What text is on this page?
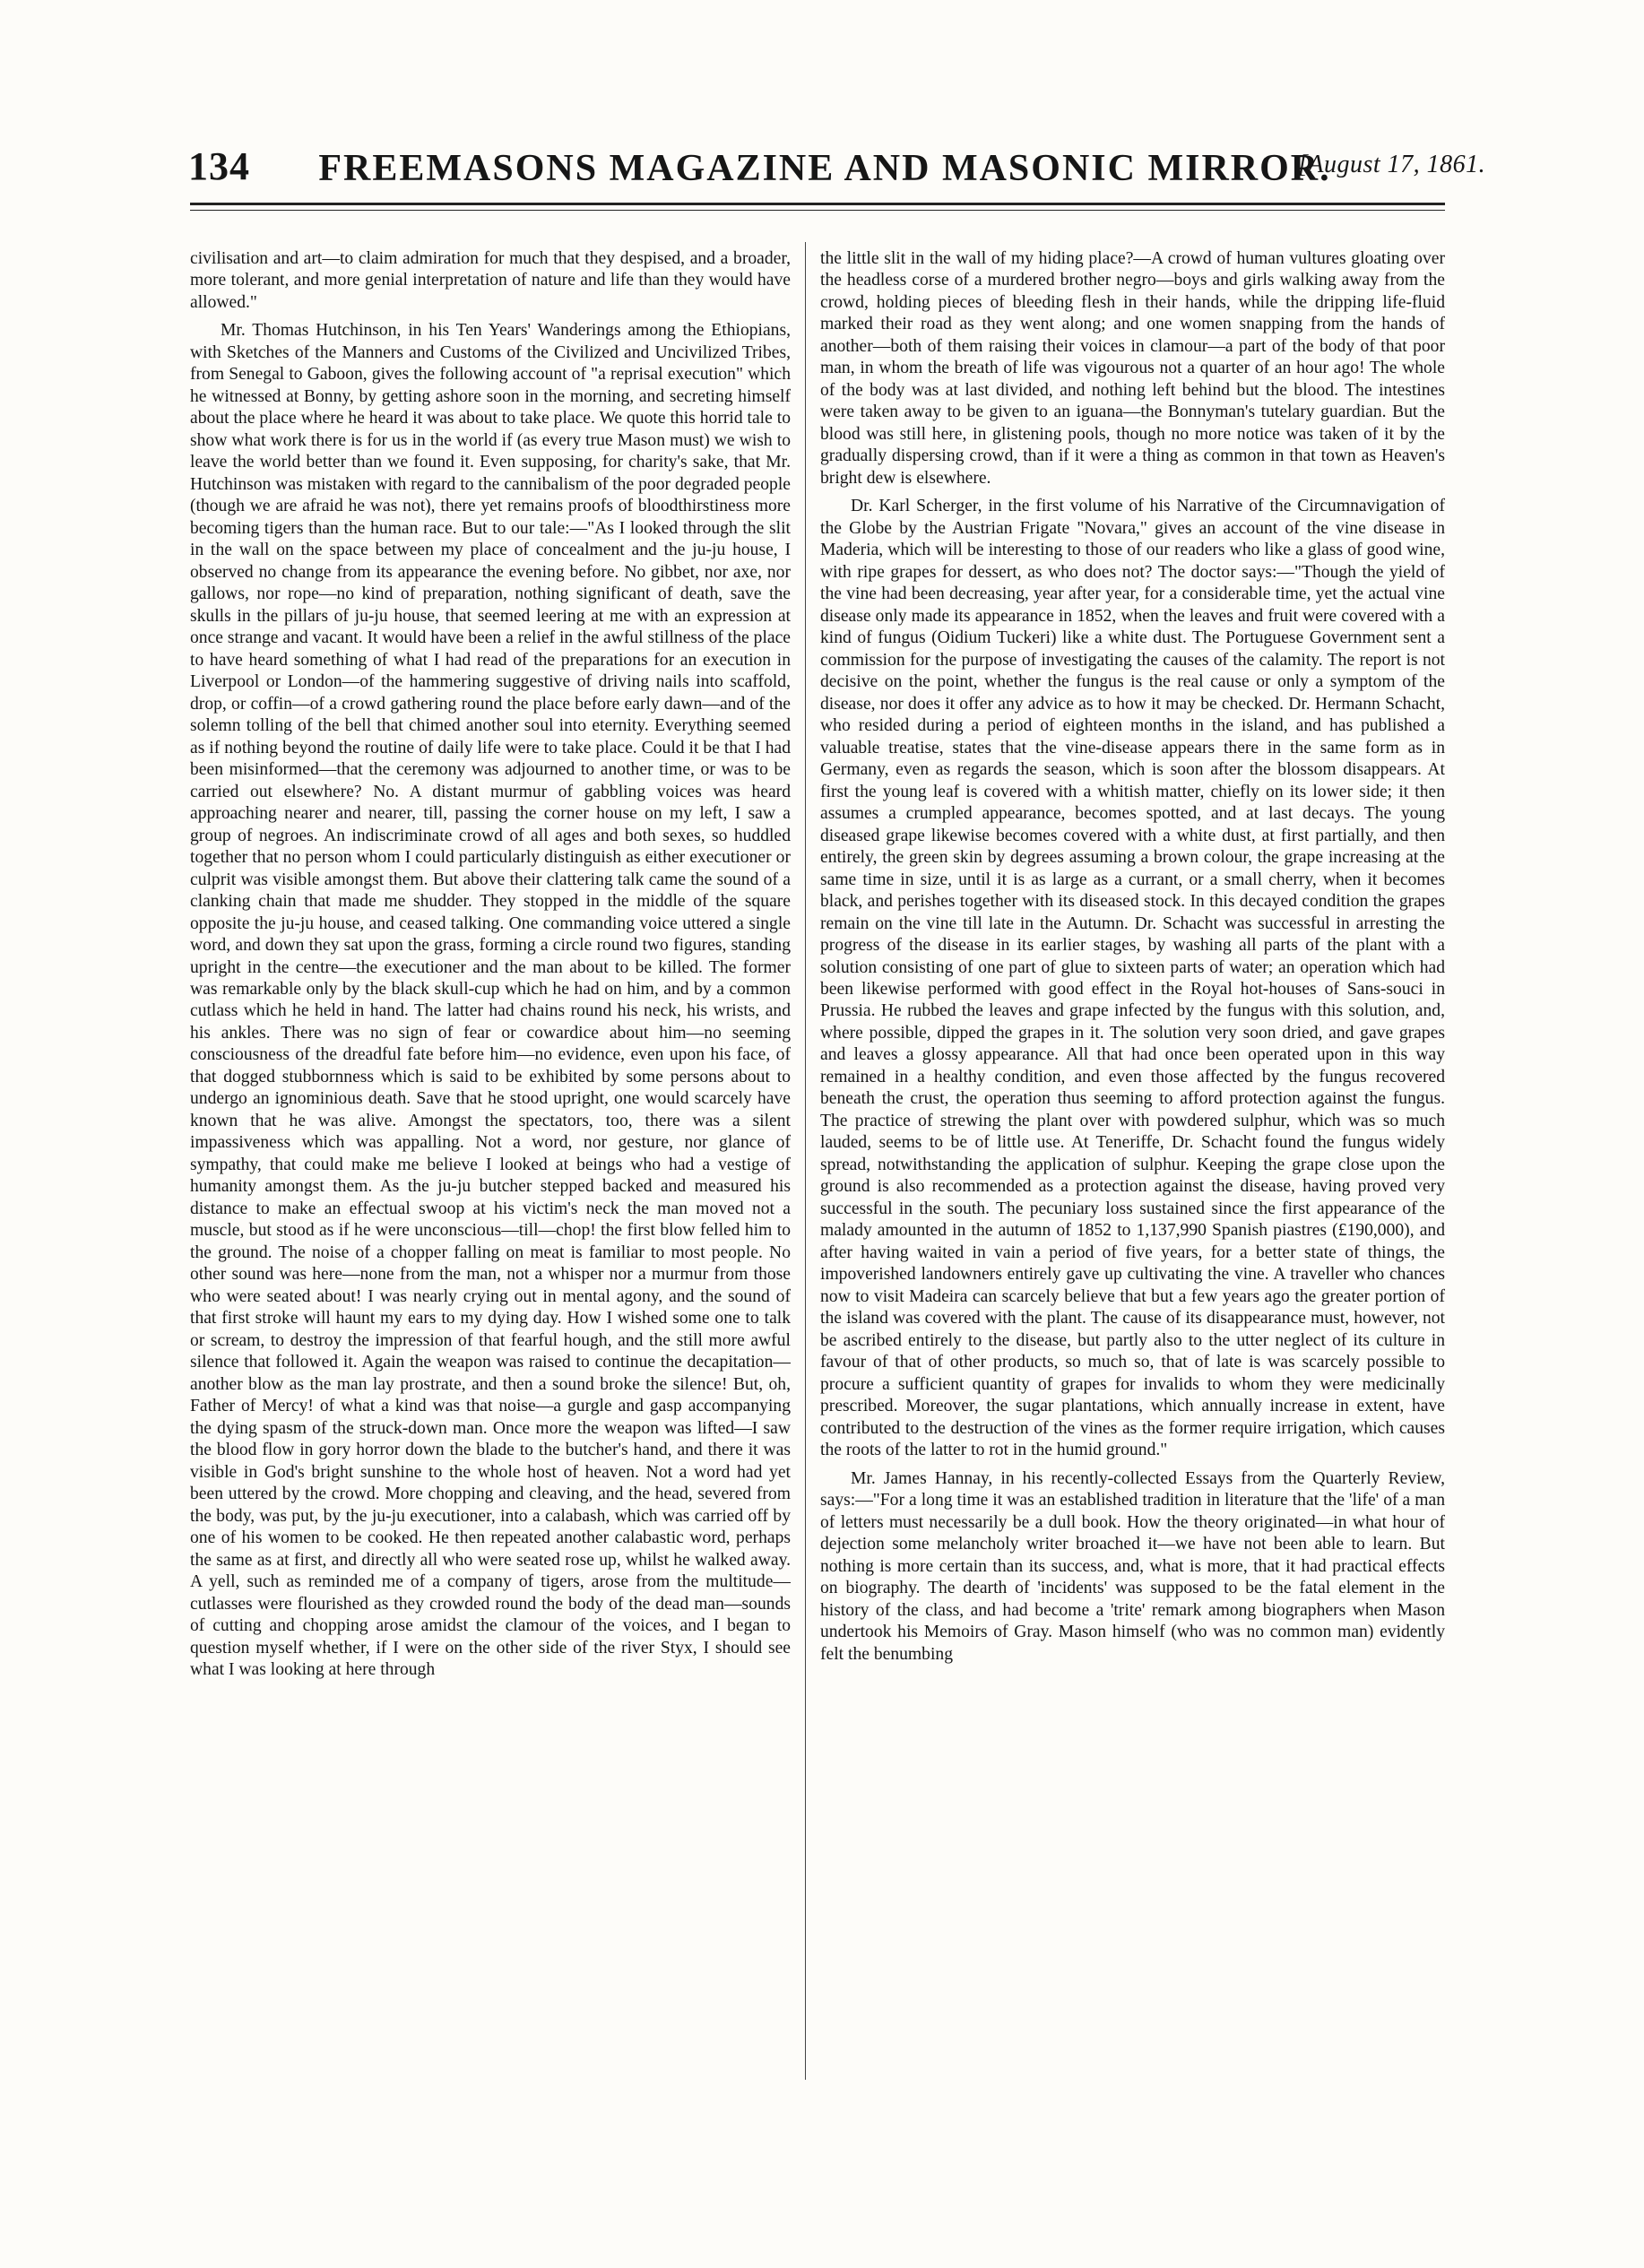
134	FREEMASONS MAGAZINE AND MASONIC MIRROR.
[August 17, 1861.

civilisation and art—to claim admiration for much that they despised, and a broader, more tolerant, and more genial interpretation of nature and life than they would have allowed."

Mr. Thomas Hutchinson, in his Ten Years' Wanderings among the Ethiopians, with Sketches of the Manners and Customs of the Civilized and Uncivilized Tribes, from Senegal to Gaboon, gives the following account of "a reprisal execution" which he witnessed at Bonny, by getting ashore soon in the morning, and secreting himself about the place where he heard it was about to take place. We quote this horrid tale to show what work there is for us in the world if (as every true Mason must) we wish to leave the world better than we found it. Even supposing, for charity's sake, that Mr. Hutchinson was mistaken with regard to the cannibalism of the poor degraded people (though we are afraid he was not), there yet remains proofs of bloodthirstiness more becoming tigers than the human race. But to our tale:—"As I looked through the slit in the wall on the space between my place of concealment and the ju-ju house, I observed no change from its appearance the evening before. No gibbet, nor axe, nor gallows, nor rope—no kind of preparation, nothing significant of death, save the skulls in the pillars of ju-ju house, that seemed leering at me with an expression at once strange and vacant. It would have been a relief in the awful stillness of the place to have heard something of what I had read of the preparations for an execution in Liverpool or London—of the hammering suggestive of driving nails into scaffold, drop, or coffin—of a crowd gathering round the place before early dawn—and of the solemn tolling of the bell that chimed another soul into eternity. Everything seemed as if nothing beyond the routine of daily life were to take place. Could it be that I had been misinformed—that the ceremony was adjourned to another time, or was to be carried out elsewhere? No. A distant murmur of gabbling voices was heard approaching nearer and nearer, till, passing the corner house on my left, I saw a group of negroes. An indiscriminate crowd of all ages and both sexes, so huddled together that no person whom I could particularly distinguish as either executioner or culprit was visible amongst them. But above their clattering talk came the sound of a clanking chain that made me shudder. They stopped in the middle of the square opposite the ju-ju house, and ceased talking. One commanding voice uttered a single word, and down they sat upon the grass, forming a circle round two figures, standing upright in the centre—the executioner and the man about to be killed. The former was remarkable only by the black skull-cup which he had on him, and by a common cutlass which he held in hand. The latter had chains round his neck, his wrists, and his ankles. There was no sign of fear or cowardice about him—no seeming consciousness of the dreadful fate before him—no evidence, even upon his face, of that dogged stubbornness which is said to be exhibited by some persons about to undergo an ignominious death. Save that he stood upright, one would scarcely have known that he was alive. Amongst the spectators, too, there was a silent impassiveness which was appalling. Not a word, nor gesture, nor glance of sympathy, that could make me believe I looked at beings who had a vestige of humanity amongst them. As the ju-ju butcher stepped backed and measured his distance to make an effectual swoop at his victim's neck the man moved not a muscle, but stood as if he were unconscious—till—chop! the first blow felled him to the ground. The noise of a chopper falling on meat is familiar to most people. No other sound was here—none from the man, not a whisper nor a murmur from those who were seated about! I was nearly crying out in mental agony, and the sound of that first stroke will haunt my ears to my dying day. How I wished some one to talk or scream, to destroy the impression of that fearful hough, and the still more awful silence that followed it. Again the weapon was raised to continue the decapitation—another blow as the man lay prostrate, and then a sound broke the silence! But, oh, Father of Mercy! of what a kind was that noise—a gurgle and gasp accompanying the dying spasm of the struck-down man. Once more the weapon was lifted—I saw the blood flow in gory horror down the blade to the butcher's hand, and there it was visible in God's bright sunshine to the whole host of heaven. Not a word had yet been uttered by the crowd. More chopping and cleaving, and the head, severed from the body, was put, by the ju-ju executioner, into a calabash, which was carried off by one of his women to be cooked. He then repeated another calabastic word, perhaps the same as at first, and directly all who were seated rose up, whilst he walked away. A yell, such as reminded me of a company of tigers, arose from the multitude—cutlasses were flourished as they crowded round the body of the dead man—sounds of cutting and chopping arose amidst the clamour of the voices, and I began to question myself whether, if I were on the other side of the river Styx, I should see what I was looking at here through

the little slit in the wall of my hiding place?—A crowd of human vultures gloating over the headless corse of a murdered brother negro—boys and girls walking away from the crowd, holding pieces of bleeding flesh in their hands, while the dripping life-fluid marked their road as they went along; and one women snapping from the hands of another—both of them raising their voices in clamour—a part of the body of that poor man, in whom the breath of life was vigourous not a quarter of an hour ago! The whole of the body was at last divided, and nothing left behind but the blood. The intestines were taken away to be given to an iguana—the Bonnyman's tutelary guardian. But the blood was still here, in glistening pools, though no more notice was taken of it by the gradually dispersing crowd, than if it were a thing as common in that town as Heaven's bright dew is elsewhere.

Dr. Karl Scherger, in the first volume of his Narrative of the Circumnavigation of the Globe by the Austrian Frigate "Novara," gives an account of the vine disease in Maderia, which will be interesting to those of our readers who like a glass of good wine, with ripe grapes for dessert, as who does not? The doctor says:—"Though the yield of the vine had been decreasing, year after year, for a considerable time, yet the actual vine disease only made its appearance in 1852, when the leaves and fruit were covered with a kind of fungus (Oidium Tuckeri) like a white dust. The Portuguese Government sent a commission for the purpose of investigating the causes of the calamity. The report is not decisive on the point, whether the fungus is the real cause or only a symptom of the disease, nor does it offer any advice as to how it may be checked. Dr. Hermann Schacht, who resided during a period of eighteen months in the island, and has published a valuable treatise, states that the vine-disease appears there in the same form as in Germany, even as regards the season, which is soon after the blossom disappears. At first the young leaf is covered with a whitish matter, chiefly on its lower side; it then assumes a crumpled appearance, becomes spotted, and at last decays. The young diseased grape likewise becomes covered with a white dust, at first partially, and then entirely, the green skin by degrees assuming a brown colour, the grape increasing at the same time in size, until it is as large as a currant, or a small cherry, when it becomes black, and perishes together with its diseased stock. In this decayed condition the grapes remain on the vine till late in the Autumn. Dr. Schacht was successful in arresting the progress of the disease in its earlier stages, by washing all parts of the plant with a solution consisting of one part of glue to sixteen parts of water; an operation which had been likewise performed with good effect in the Royal hot-houses of Sans-souci in Prussia. He rubbed the leaves and grape infected by the fungus with this solution, and, where possible, dipped the grapes in it. The solution very soon dried, and gave grapes and leaves a glossy appearance. All that had once been operated upon in this way remained in a healthy condition, and even those affected by the fungus recovered beneath the crust, the operation thus seeming to afford protection against the fungus. The practice of strewing the plant over with powdered sulphur, which was so much lauded, seems to be of little use. At Teneriffe, Dr. Schacht found the fungus widely spread, notwithstanding the application of sulphur. Keeping the grape close upon the ground is also recommended as a protection against the disease, having proved very successful in the south. The pecuniary loss sustained since the first appearance of the malady amounted in the autumn of 1852 to 1,137,990 Spanish piastres (£190,000), and after having waited in vain a period of five years, for a better state of things, the impoverished landowners entirely gave up cultivating the vine. A traveller who chances now to visit Madeira can scarcely believe that but a few years ago the greater portion of the island was covered with the plant. The cause of its disappearance must, however, not be ascribed entirely to the disease, but partly also to the utter neglect of its culture in favour of that of other products, so much so, that of late is was scarcely possible to procure a sufficient quantity of grapes for invalids to whom they were medicinally prescribed. Moreover, the sugar plantations, which annually increase in extent, have contributed to the destruction of the vines as the former require irrigation, which causes the roots of the latter to rot in the humid ground."

Mr. James Hannay, in his recently-collected Essays from the Quarterly Review, says:—"For a long time it was an established tradition in literature that the 'life' of a man of letters must necessarily be a dull book. How the theory originated—in what hour of dejection some melancholy writer broached it—we have not been able to learn. But nothing is more certain than its success, and, what is more, that it had practical effects on biography. The dearth of 'incidents' was supposed to be the fatal element in the history of the class, and had become a 'trite' remark among biographers when Mason undertook his Memoirs of Gray. Mason himself (who was no common man) evidently felt the benumbing
